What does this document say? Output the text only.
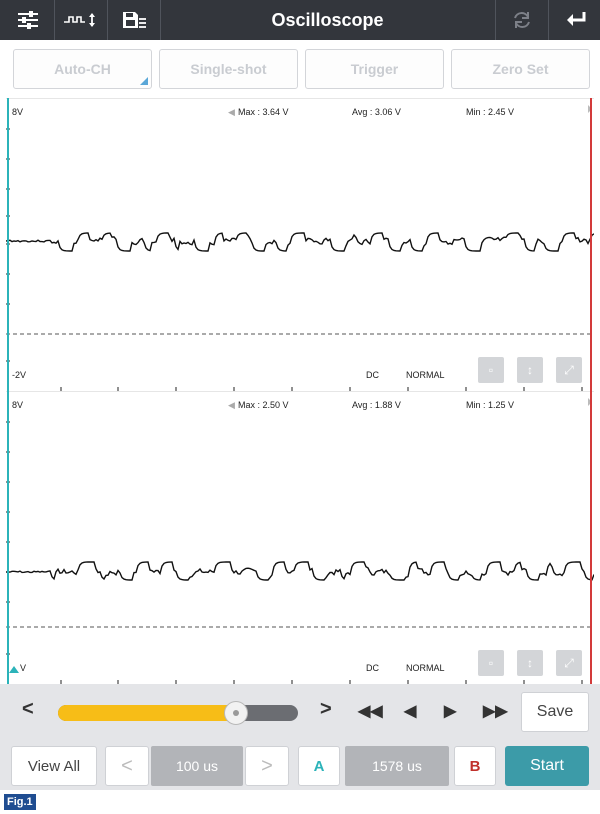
Oscilloscope
Auto-CH	Single-shot	Trigger	Zero Set
8V	◀ Max : 3.64 V	Avg : 3.06 V	Min : 2.45 V
-2V	DC	NORMAL	▫	↕	⤢
8V	◀ Max : 2.50 V	Avg : 1.88 V	Min : 1.25 V
V	DC	NORMAL	▫	↕	⤢
<	> ◀◀ ◀ ▶ ▶▶	Save
View All	<	100 us	>	A	1578 us	B	Start
Fig.1
